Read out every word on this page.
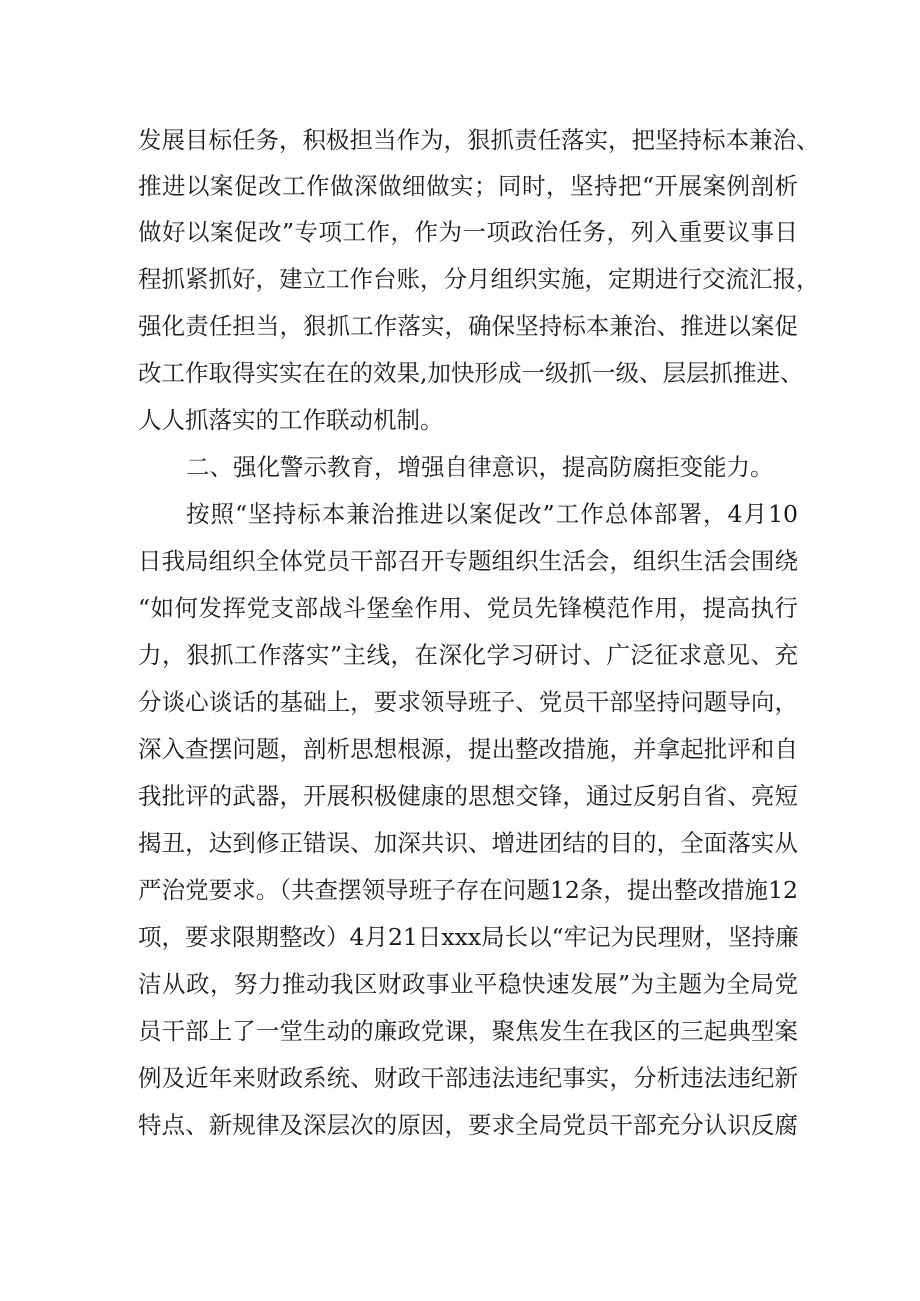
发展目标任务，积极担当作为，狠抓责任落实，把坚持标本兼治、
推进以案促改工作做深做细做实；同时，坚持把“开展案例剖析
做好以案促改”专项工作，作为一项政治任务，列入重要议事日
程抓紧抓好，建立工作台账，分月组织实施，定期进行交流汇报，
强化责任担当，狠抓工作落实，确保坚持标本兼治、推进以案促
改工作取得实实在在的效果,加快形成一级抓一级、层层抓推进、
人人抓落实的工作联动机制。
二、强化警示教育，增强自律意识，提高防腐拒变能力。
按照“坚持标本兼治推进以案促改”工作总体部署，4月10
日我局组织全体党员干部召开专题组织生活会，组织生活会围绕
“如何发挥党支部战斗堡垒作用、党员先锋模范作用，提高执行
力，狠抓工作落实”主线，在深化学习研讨、广泛征求意见、充
分谈心谈话的基础上，要求领导班子、党员干部坚持问题导向，
深入查摆问题，剖析思想根源，提出整改措施，并拿起批评和自
我批评的武器，开展积极健康的思想交锋，通过反躬自省、亮短
揭丑，达到修正错误、加深共识、增进团结的目的，全面落实从
严治党要求。（共查摆领导班子存在问题12条，提出整改措施12
项，要求限期整改）4月21日xxx局长以“牢记为民理财，坚持廉
洁从政，努力推动我区财政事业平稳快速发展”为主题为全局党
员干部上了一堂生动的廉政党课，聚焦发生在我区的三起典型案
例及近年来财政系统、财政干部违法违纪事实，分析违法违纪新
特点、新规律及深层次的原因，要求全局党员干部充分认识反腐
